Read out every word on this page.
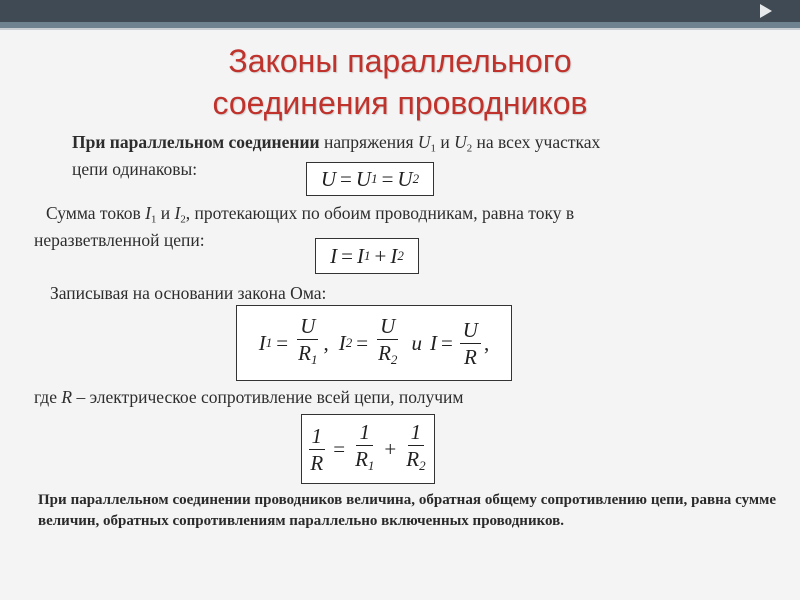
Законы параллельного
соединения проводников
При параллельном соединении напряжения $U_1$ и $U_2$ на всех участках
цепи одинаковы:	U = U 1 = U 2
Сумма токов $I_1$ и $I_2$, протекающих по обоим проводникам, равна току в
неразветвленной цепи:
I = I 1 + I 2
Записывая на основании закона Ома:
I $1 = \frac{U}{R_1}$ , I $2 = \frac{U}{R_2}$ и $I = \frac{U}{R}$ ,
где R – электрическое сопротивление всей цепи, получим
$\frac{1}{R} = \frac{1}{R_1} + \frac{1}{R_2}$
При параллельном соединении проводников величина, обратная общему сопротивлению цепи, равна сумме величин, обратных сопротивлениям параллельно включенных проводников.
